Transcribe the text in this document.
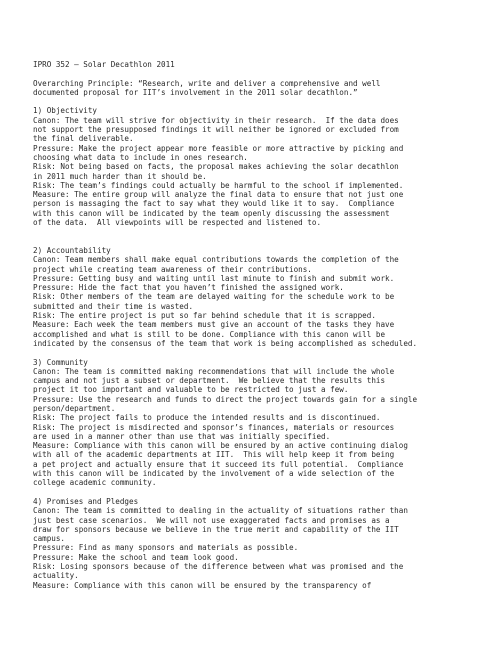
IPRO 352 – Solar Decathlon 2011
Overarching Principle: “Research, write and deliver a comprehensive and well
documented proposal for IIT’s involvement in the 2011 solar decathlon.”
1) Objectivity
Canon: The team will strive for objectivity in their research.  If the data does
not support the presupposed findings it will neither be ignored or excluded from
the final deliverable.
Pressure: Make the project appear more feasible or more attractive by picking and
choosing what data to include in ones research.
Risk: Not being based on facts, the proposal makes achieving the solar decathlon
in 2011 much harder than it should be.
Risk: The team’s findings could actually be harmful to the school if implemented.
Measure: The entire group will analyze the final data to ensure that not just one
person is massaging the fact to say what they would like it to say.  Compliance
with this canon will be indicated by the team openly discussing the assessment
of the data.  All viewpoints will be respected and listened to.
2) Accountability
Canon: Team members shall make equal contributions towards the completion of the
project while creating team awareness of their contributions.
Pressure: Getting busy and waiting until last minute to finish and submit work.
Pressure: Hide the fact that you haven’t finished the assigned work.
Risk: Other members of the team are delayed waiting for the schedule work to be
submitted and their time is wasted.
Risk: The entire project is put so far behind schedule that it is scrapped.
Measure: Each week the team members must give an account of the tasks they have
accomplished and what is still to be done. Compliance with this canon will be
indicated by the consensus of the team that work is being accomplished as scheduled.
3) Community
Canon: The team is committed making recommendations that will include the whole
campus and not just a subset or department.  We believe that the results this
project it too important and valuable to be restricted to just a few.
Pressure: Use the research and funds to direct the project towards gain for a single
person/department.
Risk: The project fails to produce the intended results and is discontinued.
Risk: The project is misdirected and sponsor’s finances, materials or resources
are used in a manner other than use that was initially specified.
Measure: Compliance with this canon will be ensured by an active continuing dialog
with all of the academic departments at IIT.  This will help keep it from being
a pet project and actually ensure that it succeed its full potential.  Compliance
with this canon will be indicated by the involvement of a wide selection of the
college academic community.
4) Promises and Pledges
Canon: The team is committed to dealing in the actuality of situations rather than
just best case scenarios.  We will not use exaggerated facts and promises as a
draw for sponsors because we believe in the true merit and capability of the IIT
campus.
Pressure: Find as many sponsors and materials as possible.
Pressure: Make the school and team look good.
Risk: Losing sponsors because of the difference between what was promised and the
actuality.
Measure: Compliance with this canon will be ensured by the transparency of
